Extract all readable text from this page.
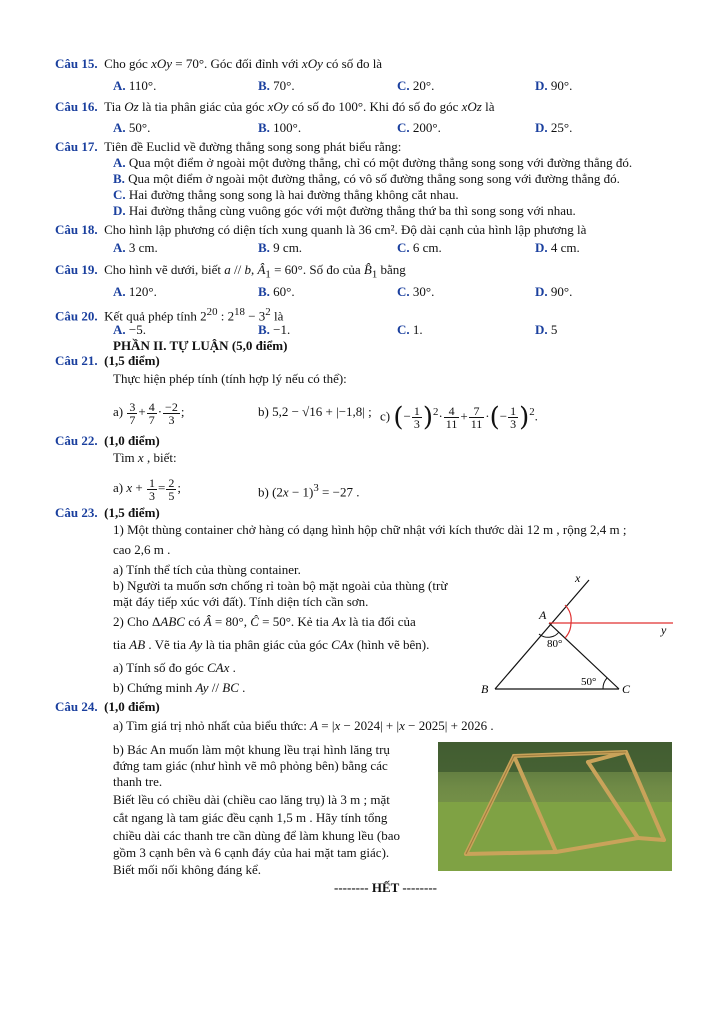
Câu 15.  Cho góc xOy = 70°. Góc đối đỉnh với xOy có số đo là
A. 110°.	B. 70°.	C. 20°.	D. 90°.
Câu 16.  Tia Oz là tia phân giác của góc xOy có số đo 100°. Khi đó số đo góc xOz là
A. 50°.	B. 100°.	C. 200°.	D. 25°.
Câu 17. Tiên đề Euclid về đường thẳng song song phát biểu rằng:
A. Qua một điểm ở ngoài một đường thẳng, chỉ có một đường thẳng song song với đường thẳng đó.
B. Qua một điểm ở ngoài một đường thẳng, có vô số đường thẳng song song với đường thẳng đó.
C. Hai đường thẳng song song là hai đường thẳng không cắt nhau.
D. Hai đường thẳng cùng vuông góc với một đường thẳng thứ ba thì song song với nhau.
Câu 18.  Cho hình lập phương có diện tích xung quanh là 36 cm². Độ dài cạnh của hình lập phương là
A. 3 cm.	B. 9 cm.	C. 6 cm.	D. 4 cm.
Câu 19.  Cho hình vẽ dưới, biết a // b, $Â_1 = 60^\circ$. Số đo của $B̂_1$ bằng
A. 120°.	B. 60°.	C. 30°.	D. 90°.
Câu 20.  Kết quả phép tính $2^{20}$ : $2^{18} - 3^2$ là
A. −5.	B. −1.	C. 1.	D. 5
PHẦN II. TỰ LUẬN (5,0 điểm)
Câu 21. (1,5 điểm)
Thực hiện phép tính (tính hợp lý nếu có thể):
$a) \frac{3}{7} + \frac{4}{7} \cdot \frac{-2}{3}$ ;	b) 5,2 − √16 + |−1,8| ; c) (− $\frac{1}{3} )^2\cdot \frac{4}{11} + \frac{7}{11}$ ·(− $\frac{1}{3} )^2$.
Câu 22. (1,0 điểm)
Tìm x , biết:
a) $x + \frac{1}{3} = \frac{2}{5}$ ;	b) $(2x - 1)^3 = -27$ .
Câu 23. (1,5 điểm)
1) Một thùng container chở hàng có dạng hình hộp chữ nhật với kích thước dài 12 m , rộng 2,4 m ;
cao 2,6 m .
a) Tính thể tích của thùng container.
b) Người ta muốn sơn chống rỉ toàn bộ mặt ngoài của thùng (trừ
mặt đáy tiếp xúc với đất). Tính diện tích cần sơn.
2) Cho ΔABC có Â = 80°, Ĉ = 50°. Kẻ tia Ax là tia đối của
tia AB . Vẽ tia Ay là tia phân giác của góc CAx (hình vẽ bên).
a) Tính số đo góc CAx .
b) Chứng minh Ay // BC .
x
y
A
B	C
80°
50°
Câu 24. (1,0 điểm)
a) Tìm giá trị nhỏ nhất của biểu thức: A = |x − 2024| + |x − 2025| + 2026 .
b) Bác An muốn làm một khung lều trại hình lăng trụ
đứng tam giác (như hình vẽ mô phỏng bên) bằng các
thanh tre.
Biết lều có chiều dài (chiều cao lăng trụ) là 3 m ; mặt
cắt ngang là tam giác đều cạnh 1,5 m . Hãy tính tổng
chiều dài các thanh tre cần dùng để làm khung lều (bao
gồm 3 cạnh bên và 6 cạnh đáy của hai mặt tam giác).
Biết mối nối không đáng kể.
-------- HẾT --------
